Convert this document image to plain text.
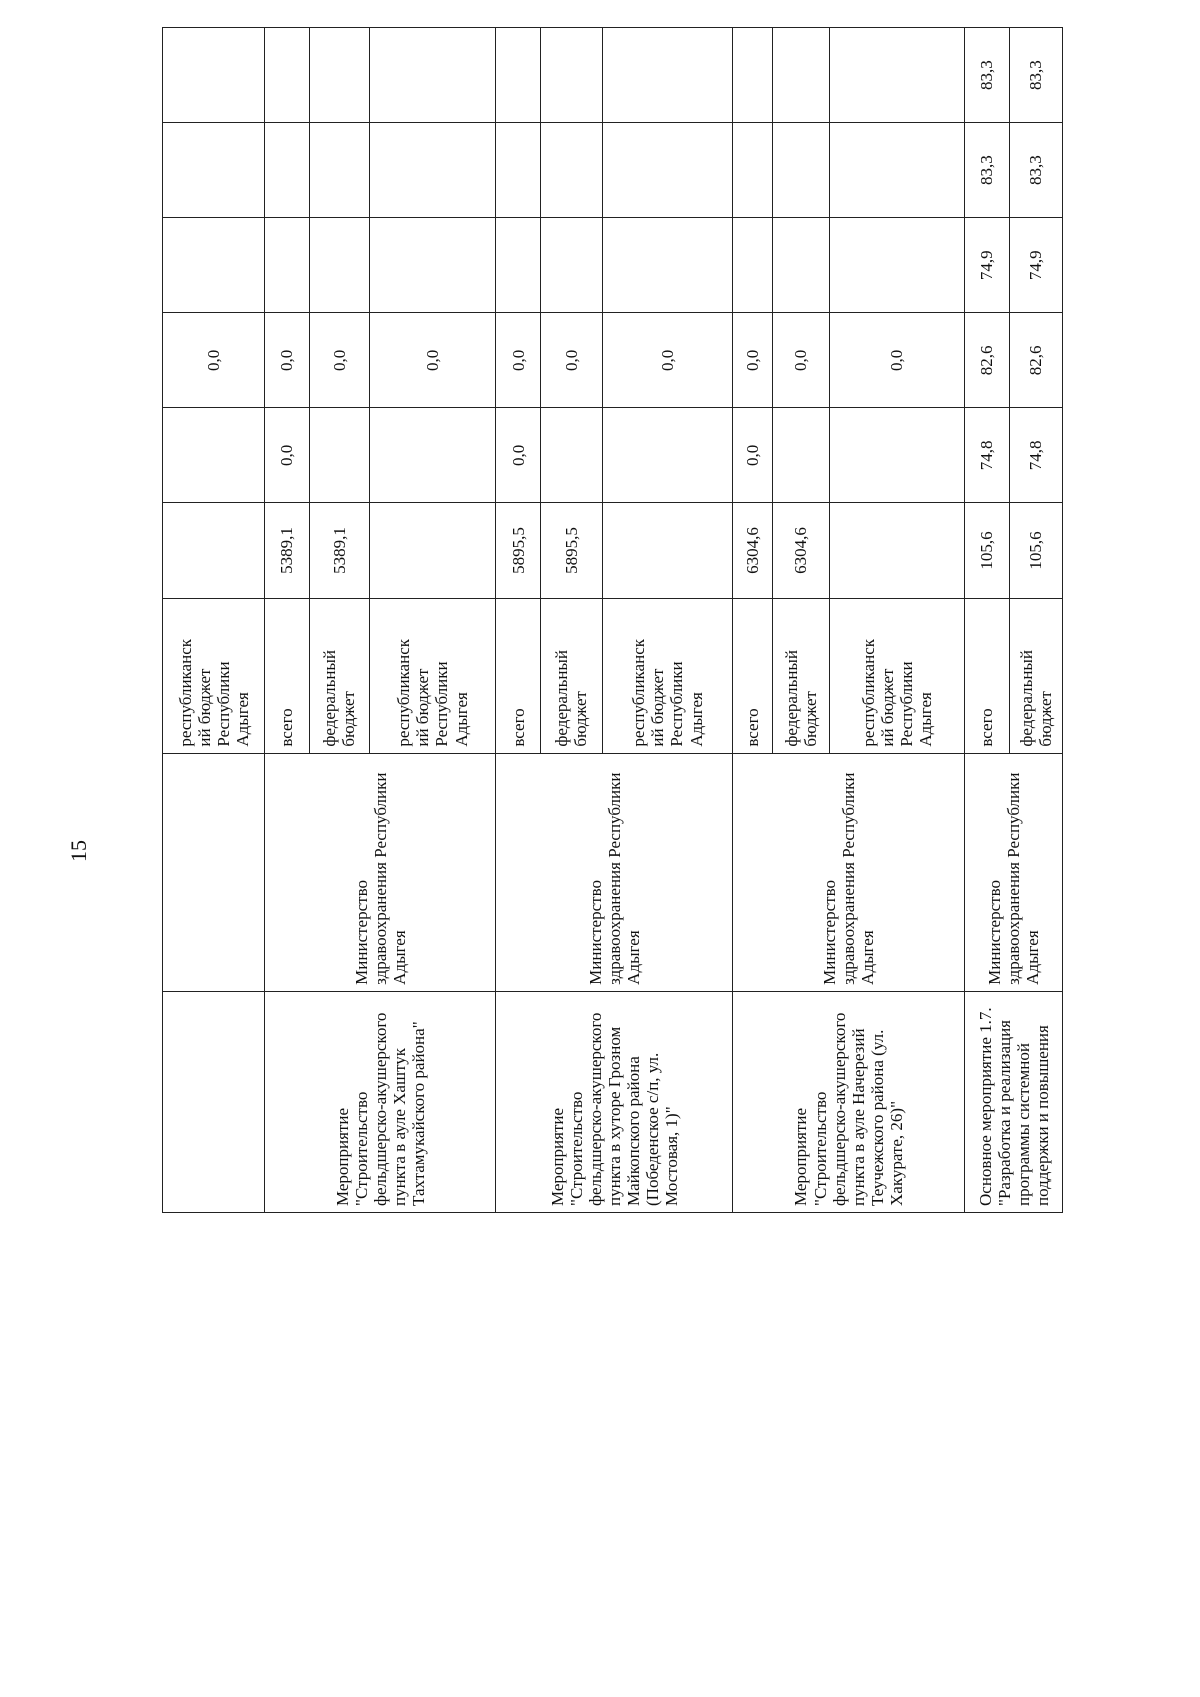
15
		республиканск
ий бюджет
Республики
Адыгея			0,0			
Мероприятие "Строительство фельдшерско-акушерского пункта в ауле Хаштук Тахтамукайского района"	Министерство здравоохранения Республики Адыгея	всего	5389,1	0,0	0,0			
		федеральный
бюджет	5389,1		0,0			
		республиканск
ий бюджет
Республики
Адыгея			0,0			
Мероприятие "Строительство фельдшерско-акушерского пункта в хуторе Грозном Майкопского района (Победенское с/п, ул. Мостовая, 1)"	Министерство здравоохранения Республики Адыгея	всего	5895,5	0,0	0,0			
		федеральный
бюджет	5895,5		0,0			
		республиканск
ий бюджет
Республики
Адыгея			0,0			
Мероприятие "Строительство фельдшерско-акушерского пункта в ауле Начерезий Теучежского района (ул. Хакурате, 26)"	Министерство здравоохранения Республики Адыгея	всего	6304,6	0,0	0,0			
		федеральный
бюджет	6304,6		0,0			
		республиканск
ий бюджет
Республики
Адыгея			0,0			
Основное мероприятие 1.7. "Разработка и реализация программы системной поддержки и повышения	Министерство здравоохранения Республики Адыгея	всего	105,6	74,8	82,6	74,9	83,3	83,3
		федеральный
бюджет	105,6	74,8	82,6	74,9	83,3	83,3
